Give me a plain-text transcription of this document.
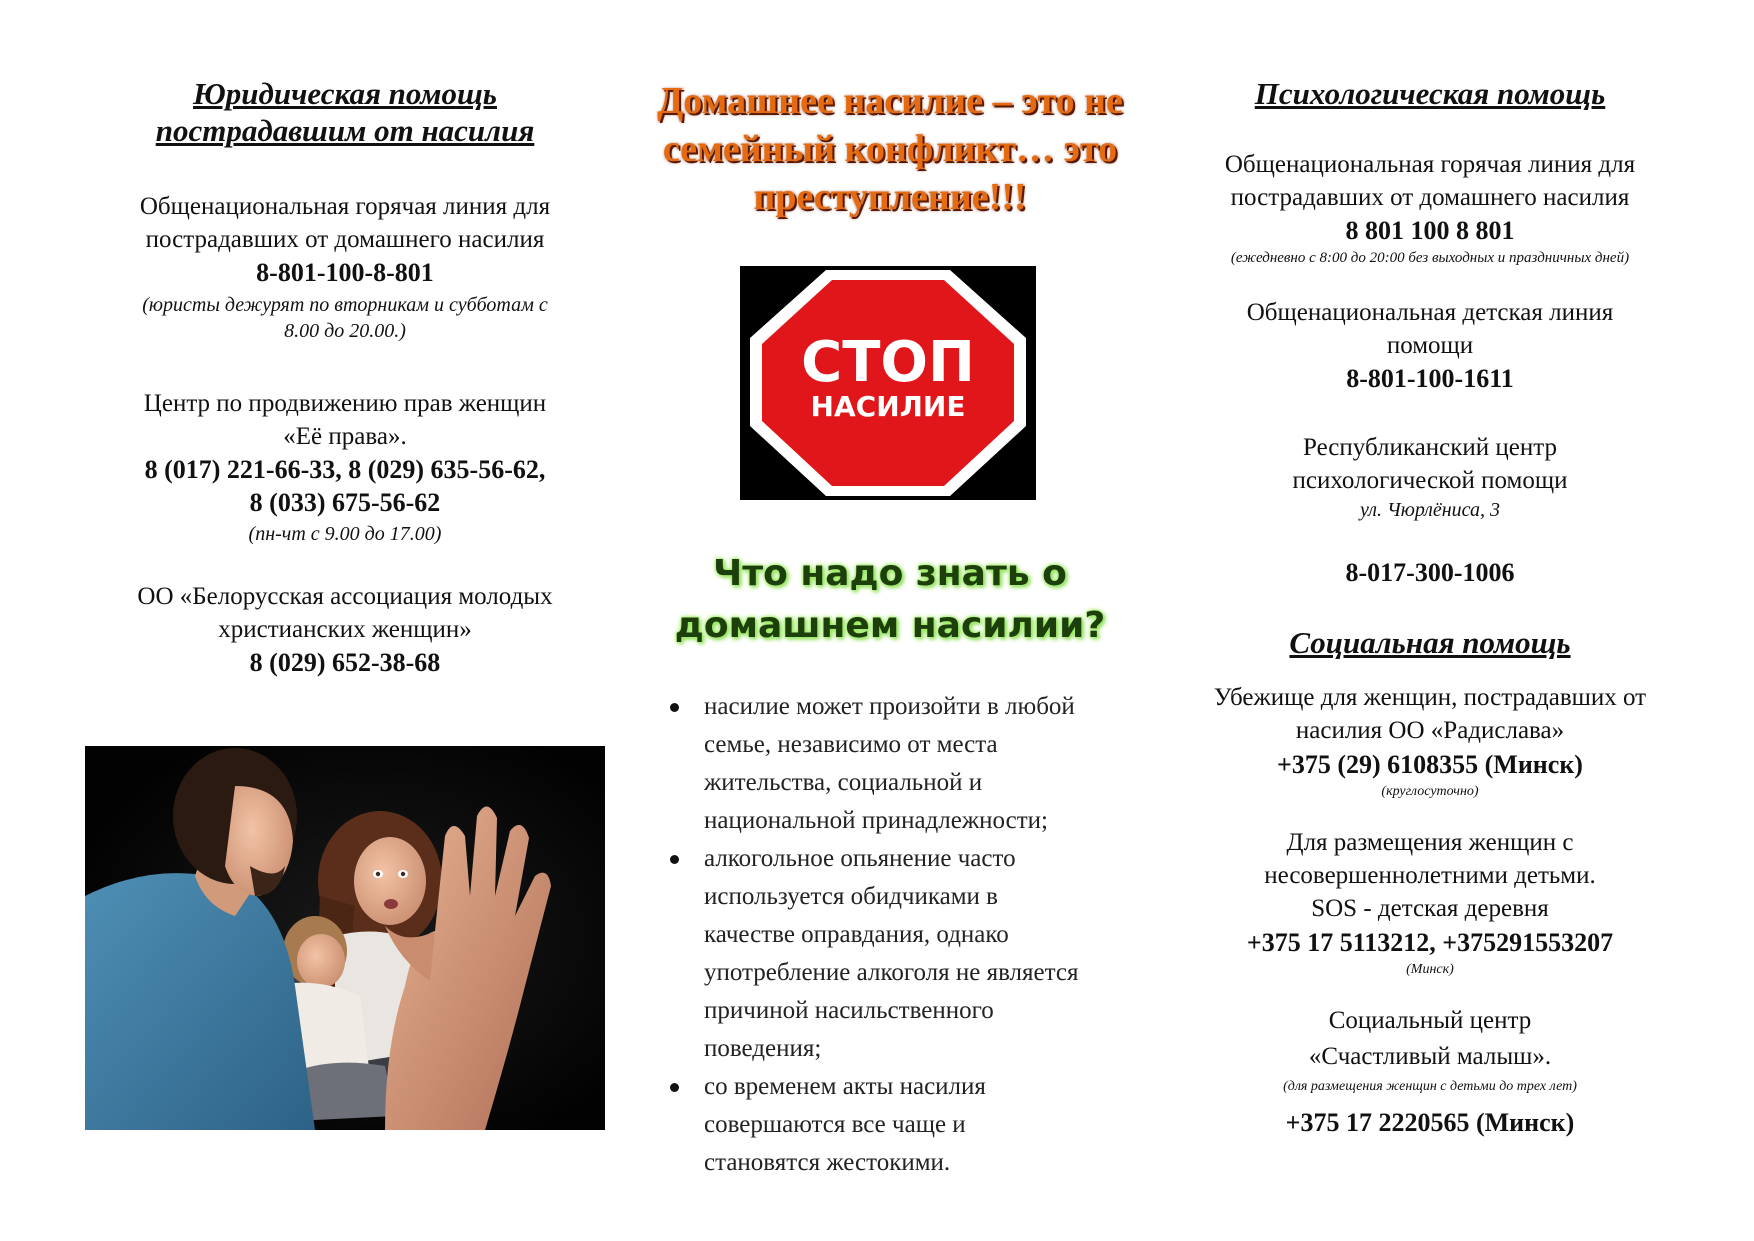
Юридическая помощь
пострадавшим от насилия
Общенациональная горячая линия для
пострадавших от домашнего насилия
8-801-100-8-801
(юристы дежурят по вторникам и субботам с
8.00 до 20.00.)
Центр по продвижению прав женщин
«Её права».
8 (017) 221-66-33, 8 (029) 635-56-62,
8 (033) 675-56-62
(пн-чт с 9.00 до 17.00)
ОО «Белорусская ассоциация молодых
христианских женщин»
8 (029) 652-38-68
Домашнее насилие – это не
семейный конфликт… это
преступление!!!
СТОП
НАСИЛИЕ
Что надо знать о
домашнем насилии?
насилие может произойти в любой
семье, независимо от места
жительства, социальной и
национальной принадлежности;
алкогольное опьянение часто
используется обидчиками в
качестве оправдания, однако
употребление алкоголя не является
причиной насильственного
поведения;
со временем акты насилия
совершаются все чаще и
становятся жестокими.
Психологическая помощь
Общенациональная горячая линия для
пострадавших от домашнего насилия
8 801 100 8 801
(ежедневно с 8:00 до 20:00 без выходных и праздничных дней)
Общенациональная детская линия
помощи
8-801-100-1611
Республиканский центр
психологической помощи
ул. Чюрлёниса, 3
8-017-300-1006
Социальная помощь
Убежище для женщин, пострадавших от
насилия ОО «Радислава»
+375 (29) 6108355 (Минск)
(круглосуточно)
Для размещения женщин с
несовершеннолетними детьми.
SOS - детская деревня
+375 17 5113212, +375291553207
(Минск)
Социальный центр
«Счастливый малыш».
(для размещения женщин с детьми до трех лет)
+375 17 2220565 (Минск)
